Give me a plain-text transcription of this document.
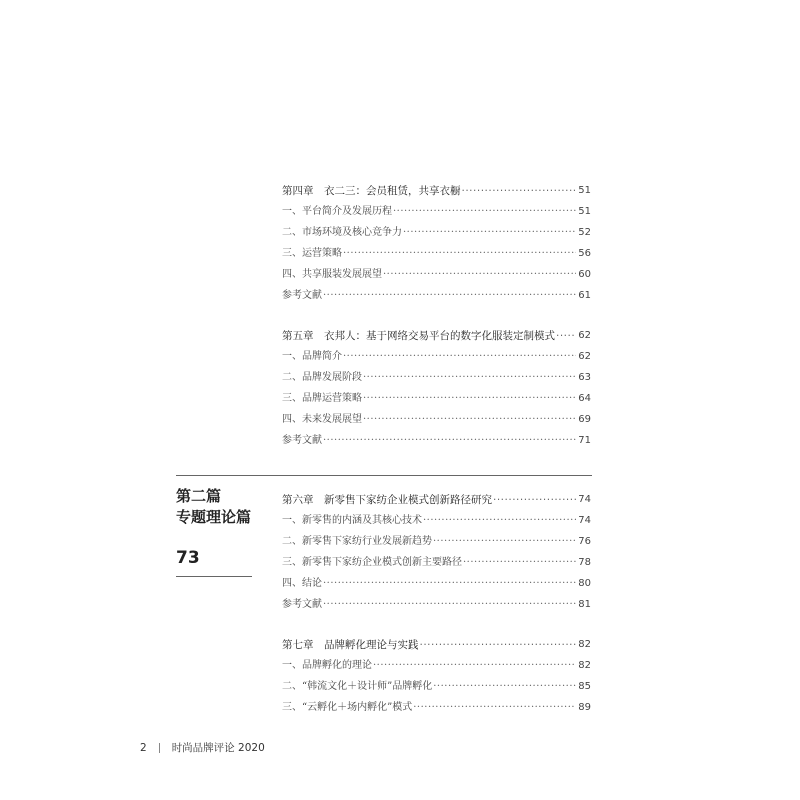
第四章　衣二三：会员租赁，共享衣橱 ·····	51
一、平台简介及发展历程 ·····	51
二、市场环境及核心竞争力 ·····	52
三、运营策略 ·····	56
四、共享服装发展展望 ·····	60
参考文献 ·····	61
第五章　衣邦人：基于网络交易平台的数字化服装定制模式 ····· 62
一、品牌简介 ·····	62
二、品牌发展阶段 ·····	63
三、品牌运营策略 ·····	64
四、未来发展展望 ·····	69
参考文献 ·····	71
第六章　新零售下家纺企业模式创新路径研究 ·····	74
一、新零售的内涵及其核心技术 ·····	74
二、新零售下家纺行业发展新趋势 ·····	76
三、新零售下家纺企业模式创新主要路径 ·····	78
四、结论 ·····	80
参考文献 ·····	81
第七章　品牌孵化理论与实践 ·····	82
一、品牌孵化的理论 ·····	82
二、“韩流文化＋设计师”品牌孵化 ·····	85
三、“云孵化＋场内孵化”模式 ·····	89
第二篇
专题理论篇
73
2 时尚品牌评论 2020
